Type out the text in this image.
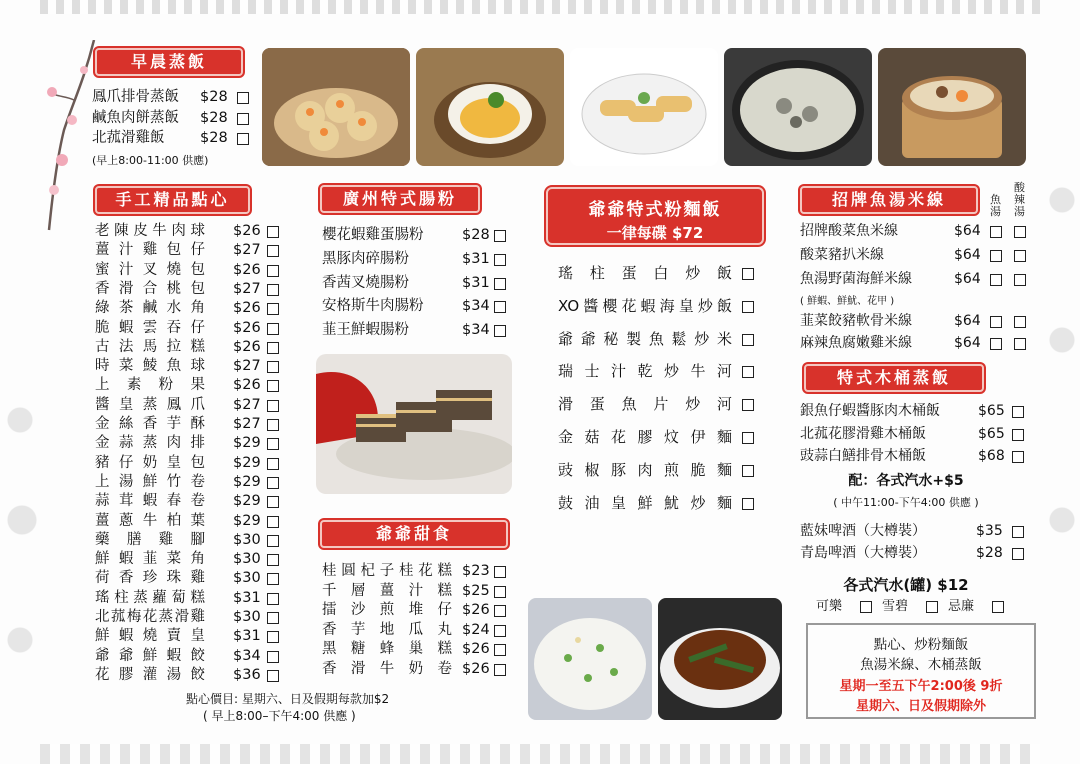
早晨蒸飯
(早上8:00-11:00 供應)
手工精品點心
點心價目: 星期六、日及假期每款加$2
( 早上8:00–下午4:00 供應 )
廣州特式腸粉
爺爺甜食
爺爺特式粉麵飯
一律每碟 $72
招牌魚湯米線	魚湯
酸辣湯
( 鮮蝦、鮮魷、花甲 )
特式木桶蒸飯
配：各式汽水+$5
( 中午11:00-下午4:00 供應 )
各式汽水(罐) $12
點心、炒粉麵飯
魚湯米線、木桶蒸飯
星期一至五下午2:00後 9折
星期六、日及假期除外
鳳爪排骨蒸飯 $28
鹹魚肉餅蒸飯 $28
北菰滑雞飯 $28
老陳皮牛肉球 $26
薑汁雞包仔 $27
蜜汁叉燒包 $26
香滑合桃包 $27
綠茶鹹水角 $26
脆蝦雲吞仔 $26
古法馬拉糕 $26
時菜鯪魚球 $27
上素粉果 $26
醬皇蒸鳳爪 $27
金絲香芋酥 $27
金蒜蒸肉排 $29
豬仔奶皇包 $29
上湯鮮竹卷 $29
蒜茸蝦春卷 $29
薑蔥牛柏葉 $29
藥膳雞腳 $30
鮮蝦韮菜角 $30
荷香珍珠雞 $30
瑤柱蒸蘿蔔糕 $31
北菰梅花蒸滑雞 $30
鮮蝦燒賣皇 $31
爺爺鮮蝦餃 $34
花膠灌湯餃 $36
櫻花蝦雞蛋腸粉	$28
黑豚肉碎腸粉	$31
香茜叉燒腸粉	$31
安格斯牛肉腸粉	$34
韮王鮮蝦腸粉	$34
桂圓杞子桂花糕 $23
千層薑汁糕 $25
擂沙煎堆仔 $26
香芋地瓜丸 $24
黑糖蜂巢糕 $26
香滑牛奶卷 $26
銀魚仔蝦醬豚肉木桶飯	$65
北菰花膠滑雞木桶飯	$65
豉蒜白鱔排骨木桶飯	$68
藍妹啤酒（大樽裝）	$35
青島啤酒（大樽裝）	$28
瑤柱蛋白炒飯
XO醬櫻花蝦海皇炒飯
爺爺秘製魚鬆炒米
瑞士汁乾炒牛河
滑蛋魚片炒河
金菇花膠炆伊麵
豉椒豚肉煎脆麵
鼓油皇鮮魷炒麵
招牌酸菜魚米線	$64
酸菜豬扒米線	$64
魚湯野菌海鮮米線	$64
韮菜餃豬軟骨米線	$64
麻辣魚腐嫩雞米線	$64
可樂	雪碧	忌廉
